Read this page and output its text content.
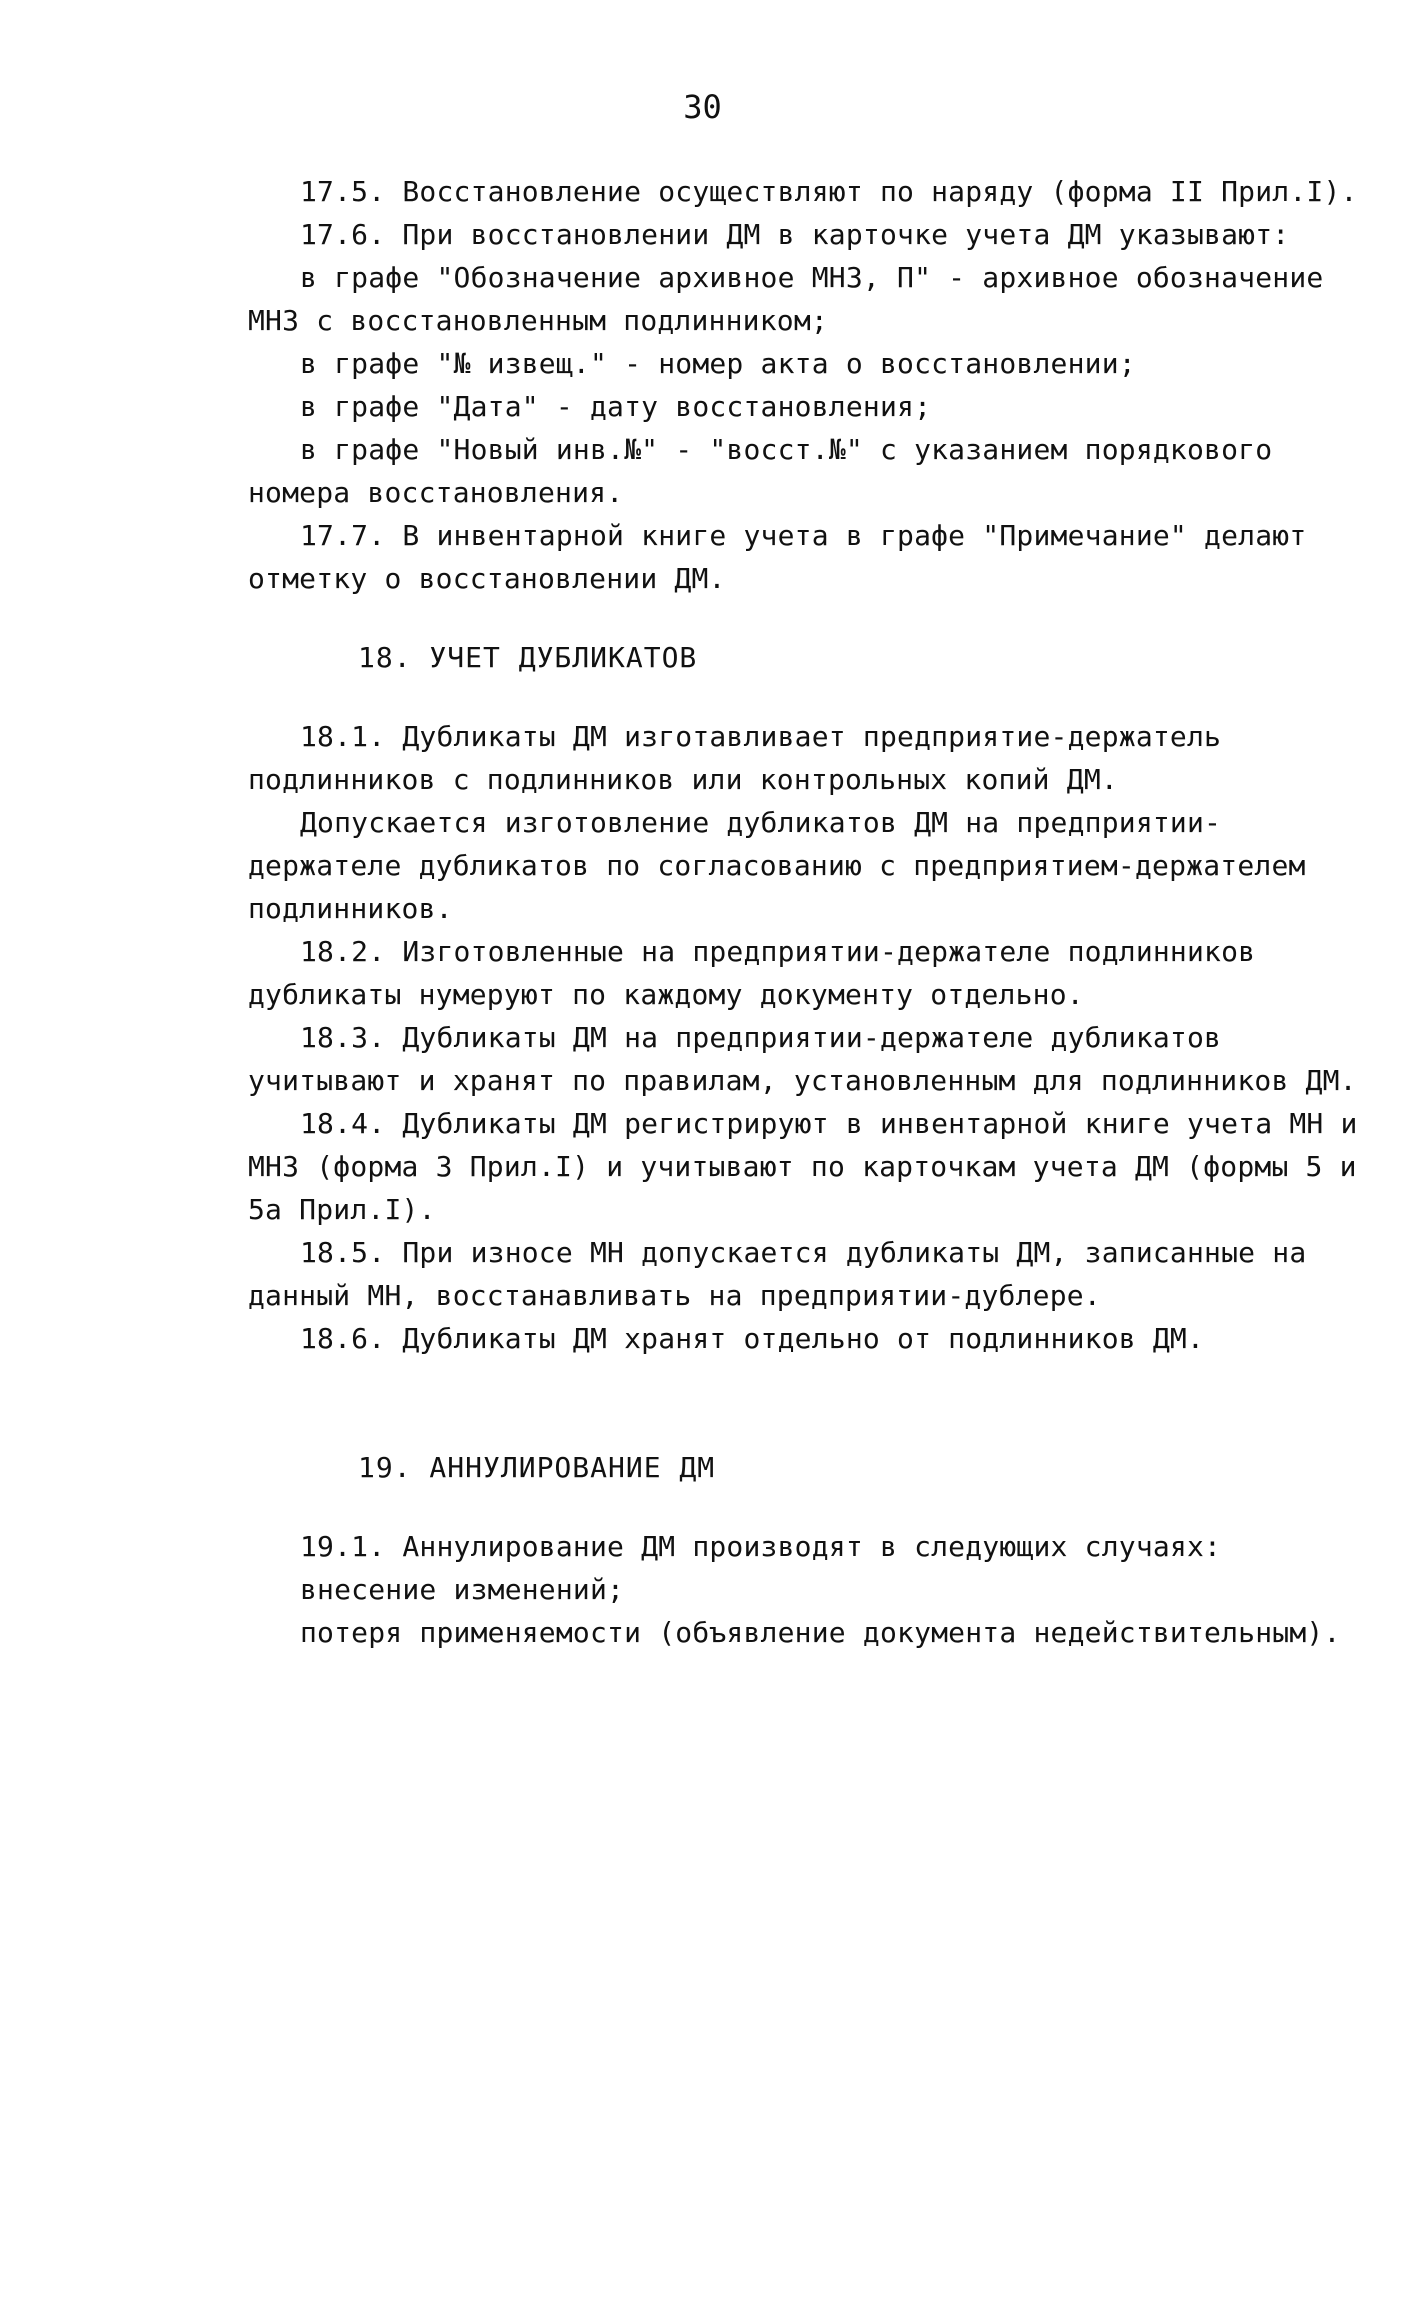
30

17.5. Восстановление осуществляют по наряду (форма II Прил.I).

17.6. При восстановлении ДМ в карточке учета ДМ указывают:

в графе "Обозначение архивное МНЗ, П" - архивное обозначение МНЗ с восстановленным подлинником;

в графе "№ извещ." - номер акта о восстановлении;

в графе "Дата" - дату восстановления;

в графе "Новый инв.№" - "восст.№" с указанием порядкового номера восстановления.

17.7. В инвентарной книге учета в графе "Примечание" делают отметку о восстановлении ДМ.

18. УЧЕТ ДУБЛИКАТОВ

18.1. Дубликаты ДМ изготавливает предприятие-держатель подлинников с подлинников или контрольных копий ДМ.

Допускается изготовление дубликатов ДМ на предприятии-держателе дубликатов по согласованию с предприятием-держателем подлинников.

18.2. Изготовленные на предприятии-держателе подлинников дубликаты нумеруют по каждому документу отдельно.

18.3. Дубликаты ДМ на предприятии-держателе дубликатов учитывают и хранят по правилам, установленным для подлинников ДМ.

18.4. Дубликаты ДМ регистрируют в инвентарной книге учета МН и МНЗ (форма 3 Прил.I) и учитывают по карточкам учета ДМ (формы 5 и 5а Прил.I).

18.5. При износе МН допускается дубликаты ДМ, записанные на данный МН, восстанавливать на предприятии-дублере.

18.6. Дубликаты ДМ хранят отдельно от подлинников ДМ.

19. АННУЛИРОВАНИЕ ДМ

19.1. Аннулирование ДМ производят в следующих случаях:

внесение изменений;

потеря применяемости (объявление документа недействительным).
